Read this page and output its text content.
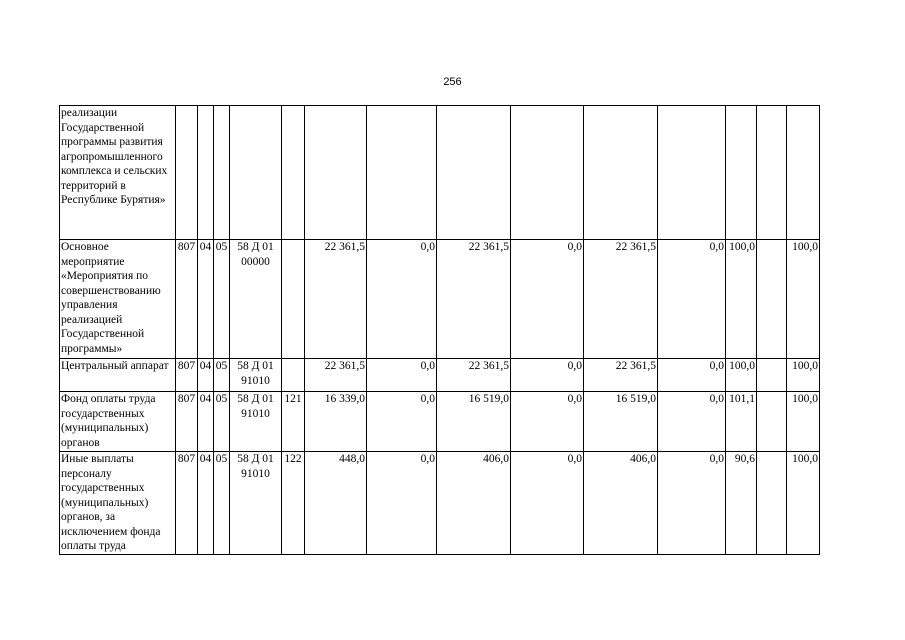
256
реализации Государственной программы развития агропромышленного комплекса и сельских территорий в Республике Бурятия»														
Основное мероприятие «Мероприятия по совершенствованию управления реализацией Государственной программы»	807	04	05	58 Д 01 00000		22 361,5	0,0	22 361,5	0,0	22 361,5	0,0	100,0		100,0
Центральный аппарат	807	04	05	58 Д 01 91010		22 361,5	0,0	22 361,5	0,0	22 361,5	0,0	100,0		100,0
Фонд оплаты труда государственных (муниципальных) органов	807	04	05	58 Д 01 91010	121	16 339,0	0,0	16 519,0	0,0	16 519,0	0,0	101,1		100,0
Иные выплаты персоналу государственных (муниципальных) органов, за исключением фонда оплаты труда	807	04	05	58 Д 01 91010	122	448,0	0,0	406,0	0,0	406,0	0,0	90,6		100,0
